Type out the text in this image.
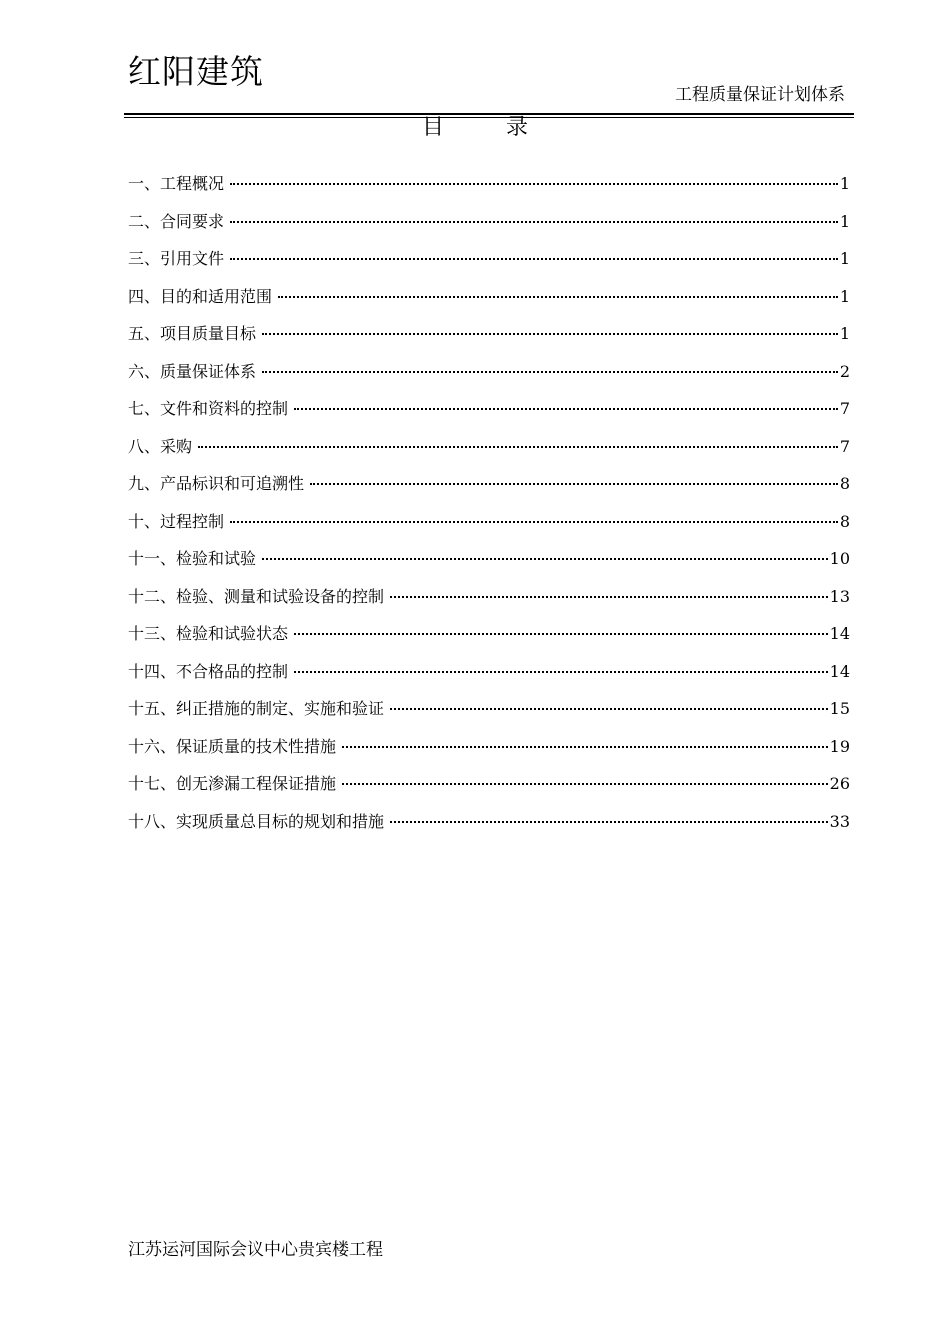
红阳建筑
工程质量保证计划体系
目录
一、工程概况	1
二、合同要求	1
三、引用文件	1
四、目的和适用范围	1
五、项目质量目标	1
六、质量保证体系	2
七、文件和资料的控制	7
八、采购	7
九、产品标识和可追溯性	8
十、过程控制	8
十一、检验和试验	10
十二、检验、测量和试验设备的控制	13
十三、检验和试验状态	14
十四、不合格品的控制	14
十五、纠正措施的制定、实施和验证	15
十六、保证质量的技术性措施	19
十七、创无渗漏工程保证措施	26
十八、实现质量总目标的规划和措施	33
江苏运河国际会议中心贵宾楼工程
